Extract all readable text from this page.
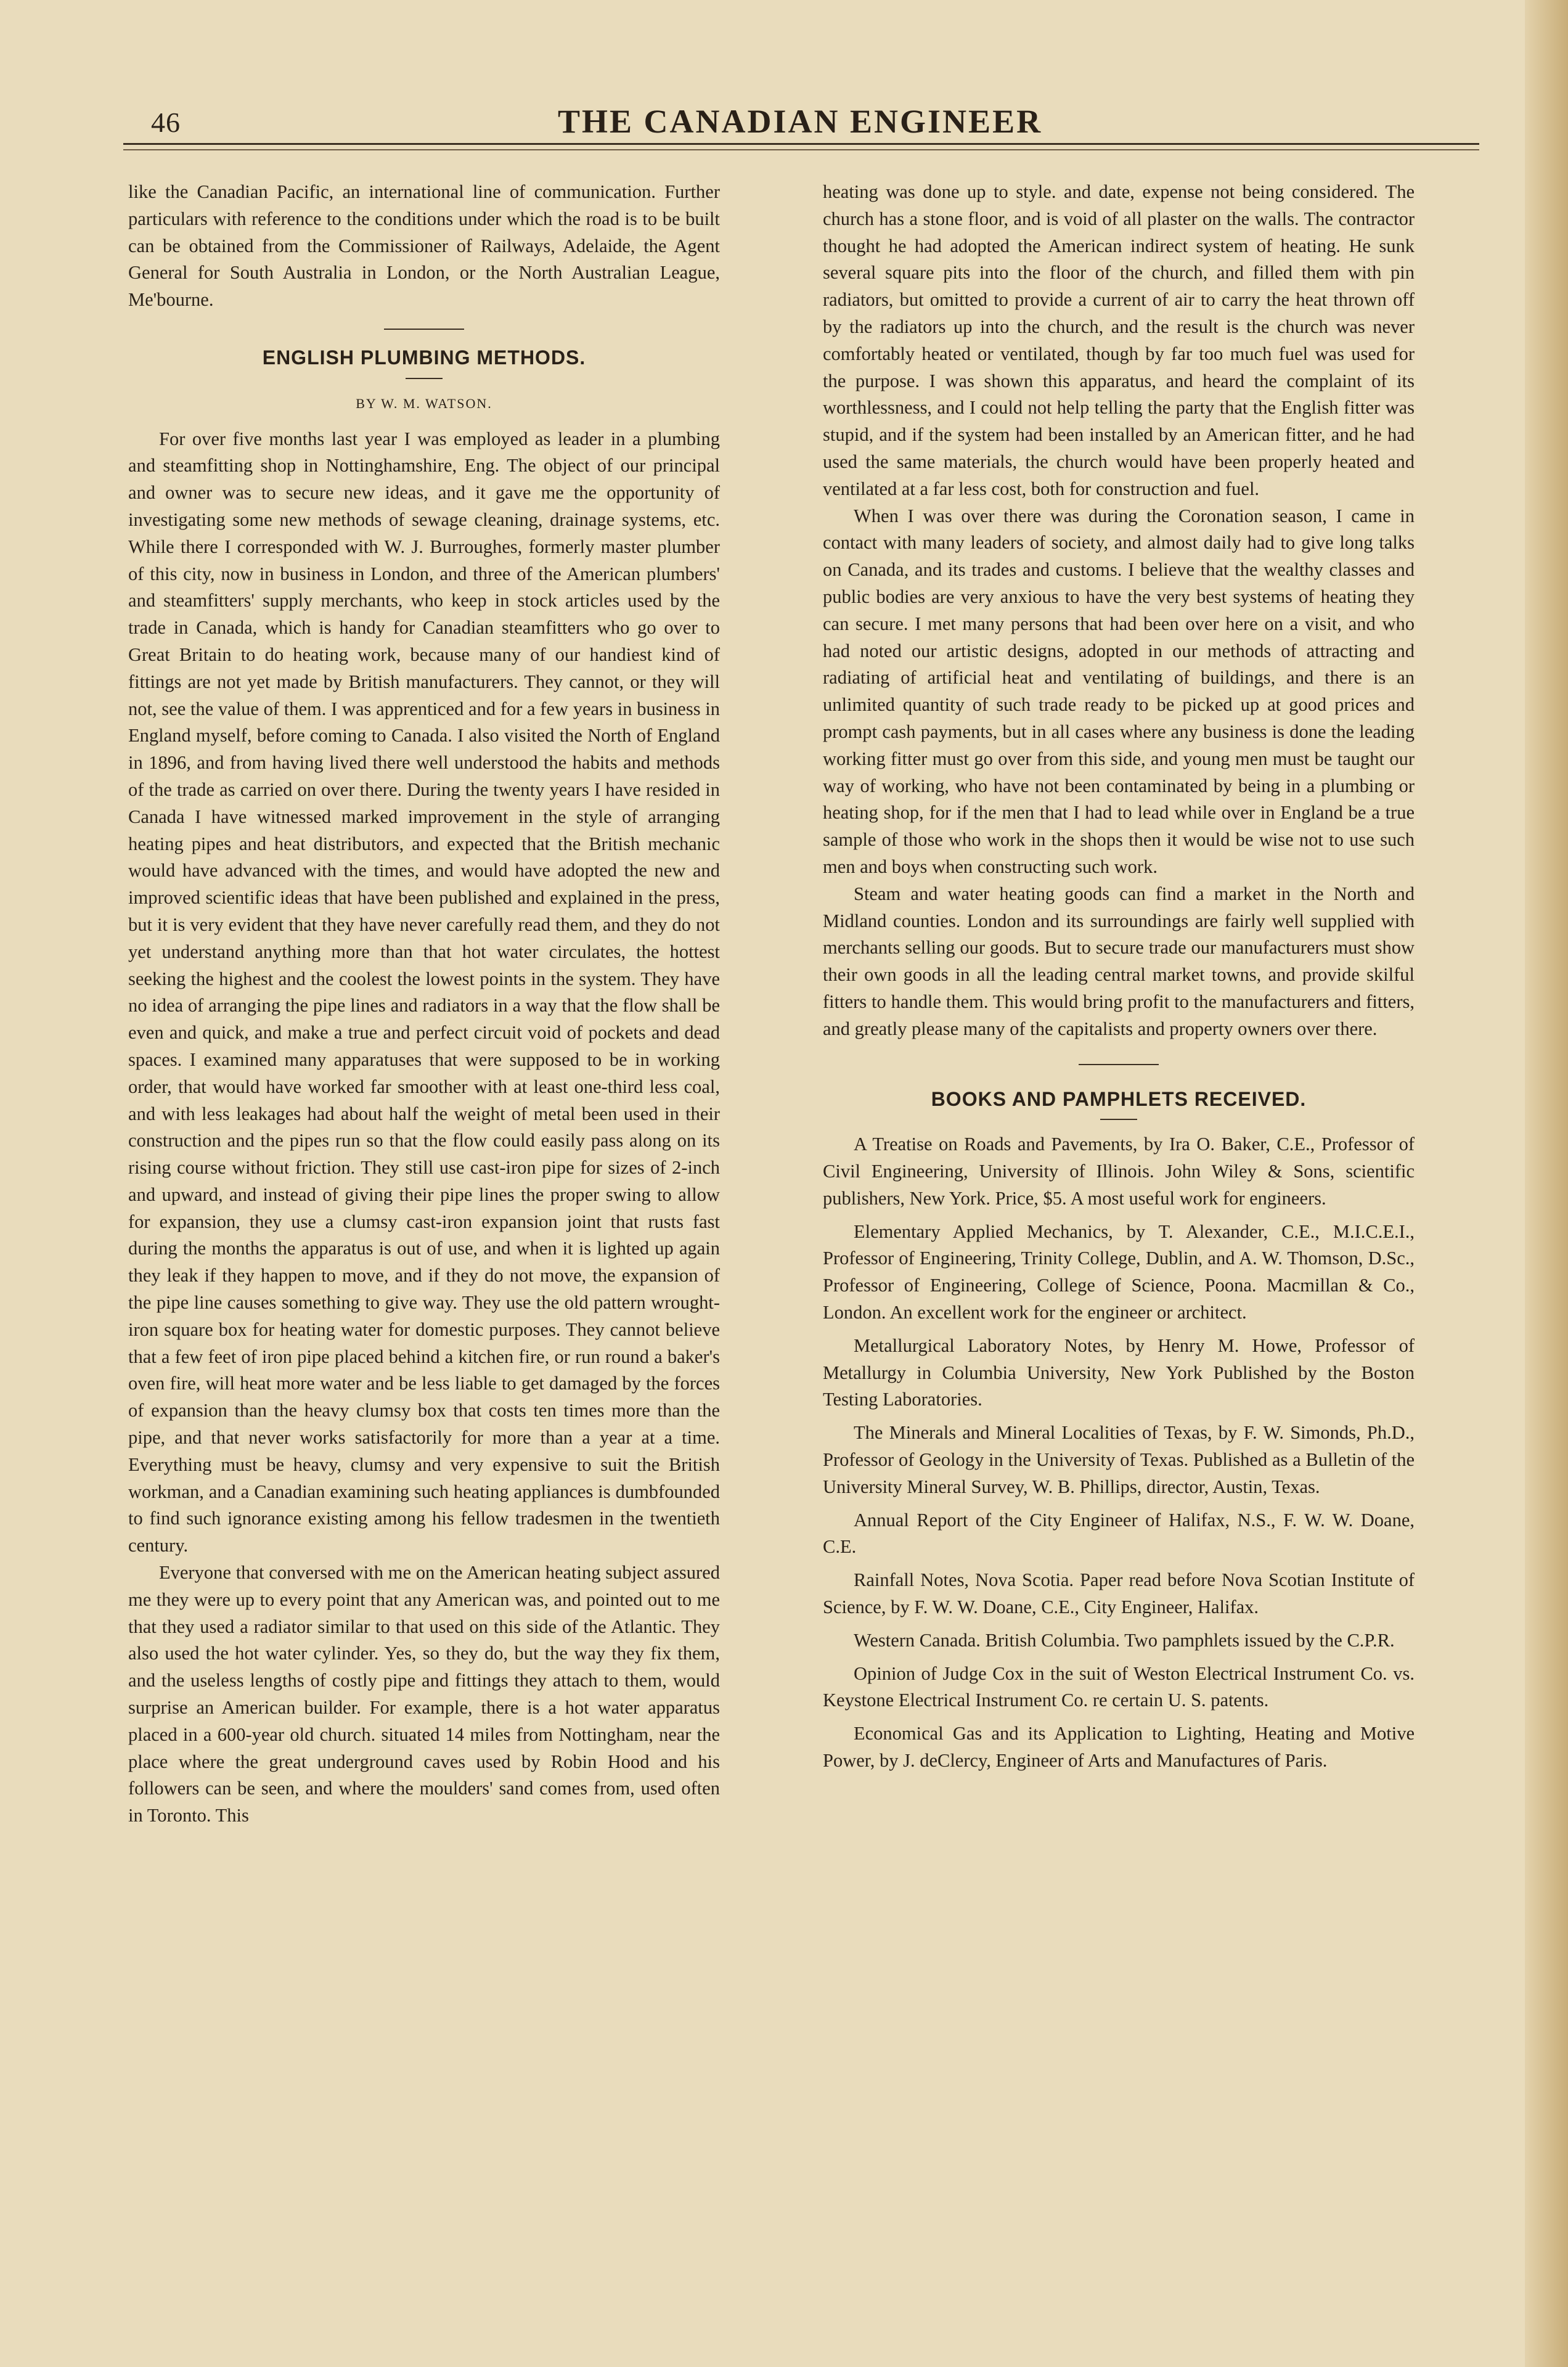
46	THE CANADIAN ENGINEER

like the Canadian Pacific, an international line of communication. Further particulars with reference to the conditions under which the road is to be built can be obtained from the Commissioner of Railways, Adelaide, the Agent General for South Australia in London, or the North Australian League, Me'bourne.

ENGLISH PLUMBING METHODS.
BY W. M. WATSON.

For over five months last year I was employed as leader in a plumbing and steamfitting shop in Nottinghamshire, Eng. The object of our principal and owner was to secure new ideas, and it gave me the opportunity of investigating some new methods of sewage cleaning, drainage systems, etc. While there I corresponded with W. J. Burroughes, formerly master plumber of this city, now in business in London, and three of the American plumbers' and steamfitters' supply merchants, who keep in stock articles used by the trade in Canada, which is handy for Canadian steamfitters who go over to Great Britain to do heating work, because many of our handiest kind of fittings are not yet made by British manufacturers. They cannot, or they will not, see the value of them. I was apprenticed and for a few years in business in England myself, before coming to Canada. I also visited the North of England in 1896, and from having lived there well understood the habits and methods of the trade as carried on over there. During the twenty years I have resided in Canada I have witnessed marked improvement in the style of arranging heating pipes and heat distributors, and expected that the British mechanic would have advanced with the times, and would have adopted the new and improved scientific ideas that have been published and explained in the press, but it is very evident that they have never carefully read them, and they do not yet understand anything more than that hot water circulates, the hottest seeking the highest and the coolest the lowest points in the system. They have no idea of arranging the pipe lines and radiators in a way that the flow shall be even and quick, and make a true and perfect circuit void of pockets and dead spaces. I examined many apparatuses that were supposed to be in working order, that would have worked far smoother with at least one-third less coal, and with less leakages had about half the weight of metal been used in their construction and the pipes run so that the flow could easily pass along on its rising course without friction. They still use cast-iron pipe for sizes of 2-inch and upward, and instead of giving their pipe lines the proper swing to allow for expansion, they use a clumsy cast-iron expansion joint that rusts fast during the months the apparatus is out of use, and when it is lighted up again they leak if they happen to move, and if they do not move, the expansion of the pipe line causes something to give way. They use the old pattern wrought-iron square box for heating water for domestic purposes. They cannot believe that a few feet of iron pipe placed behind a kitchen fire, or run round a baker's oven fire, will heat more water and be less liable to get damaged by the forces of expansion than the heavy clumsy box that costs ten times more than the pipe, and that never works satisfactorily for more than a year at a time. Everything must be heavy, clumsy and very expensive to suit the British workman, and a Canadian examining such heating appliances is dumbfounded to find such ignorance existing among his fellow tradesmen in the twentieth century.

Everyone that conversed with me on the American heating subject assured me they were up to every point that any American was, and pointed out to me that they used a radiator similar to that used on this side of the Atlantic. They also used the hot water cylinder. Yes, so they do, but the way they fix them, and the useless lengths of costly pipe and fittings they attach to them, would surprise an American builder. For example, there is a hot water apparatus placed in a 600-year old church. situated 14 miles from Nottingham, near the place where the great underground caves used by Robin Hood and his followers can be seen, and where the moulders' sand comes from, used often in Toronto. This

heating was done up to style. and date, expense not being considered. The church has a stone floor, and is void of all plaster on the walls. The contractor thought he had adopted the American indirect system of heating. He sunk several square pits into the floor of the church, and filled them with pin radiators, but omitted to provide a current of air to carry the heat thrown off by the radiators up into the church, and the result is the church was never comfortably heated or ventilated, though by far too much fuel was used for the purpose. I was shown this apparatus, and heard the complaint of its worthlessness, and I could not help telling the party that the English fitter was stupid, and if the system had been installed by an American fitter, and he had used the same materials, the church would have been properly heated and ventilated at a far less cost, both for construction and fuel.

When I was over there was during the Coronation season, I came in contact with many leaders of society, and almost daily had to give long talks on Canada, and its trades and customs. I believe that the wealthy classes and public bodies are very anxious to have the very best systems of heating they can secure. I met many persons that had been over here on a visit, and who had noted our artistic designs, adopted in our methods of attracting and radiating of artificial heat and ventilating of buildings, and there is an unlimited quantity of such trade ready to be picked up at good prices and prompt cash payments, but in all cases where any business is done the leading working fitter must go over from this side, and young men must be taught our way of working, who have not been contaminated by being in a plumbing or heating shop, for if the men that I had to lead while over in England be a true sample of those who work in the shops then it would be wise not to use such men and boys when constructing such work.

Steam and water heating goods can find a market in the North and Midland counties. London and its surroundings are fairly well supplied with merchants selling our goods. But to secure trade our manufacturers must show their own goods in all the leading central market towns, and provide skilful fitters to handle them. This would bring profit to the manufacturers and fitters, and greatly please many of the capitalists and property owners over there.

BOOKS AND PAMPHLETS RECEIVED.

A Treatise on Roads and Pavements, by Ira O. Baker, C.E., Professor of Civil Engineering, University of Illinois. John Wiley & Sons, scientific publishers, New York. Price, $5. A most useful work for engineers.

Elementary Applied Mechanics, by T. Alexander, C.E., M.I.C.E.I., Professor of Engineering, Trinity College, Dublin, and A. W. Thomson, D.Sc., Professor of Engineering, College of Science, Poona. Macmillan & Co., London. An excellent work for the engineer or architect.

Metallurgical Laboratory Notes, by Henry M. Howe, Professor of Metallurgy in Columbia University, New York Published by the Boston Testing Laboratories.

The Minerals and Mineral Localities of Texas, by F. W. Simonds, Ph.D., Professor of Geology in the University of Texas. Published as a Bulletin of the University Mineral Survey, W. B. Phillips, director, Austin, Texas.

Annual Report of the City Engineer of Halifax, N.S., F. W. W. Doane, C.E.

Rainfall Notes, Nova Scotia. Paper read before Nova Scotian Institute of Science, by F. W. W. Doane, C.E., City Engineer, Halifax.

Western Canada. British Columbia. Two pamphlets issued by the C.P.R.

Opinion of Judge Cox in the suit of Weston Electrical Instrument Co. vs. Keystone Electrical Instrument Co. re certain U. S. patents.

Economical Gas and its Application to Lighting, Heating and Motive Power, by J. deClercy, Engineer of Arts and Manufactures of Paris.
